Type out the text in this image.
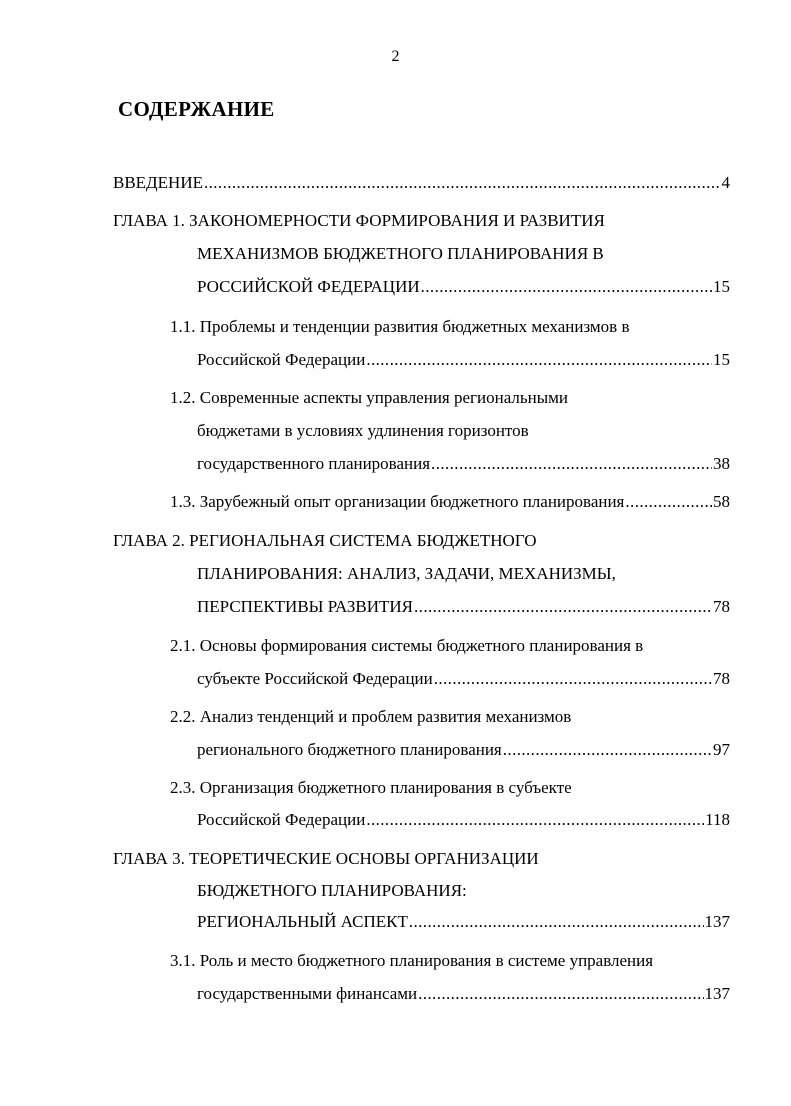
2
СОДЕРЖАНИЕ
ВВЕДЕНИЕ .....	4
ГЛАВА 1. ЗАКОНОМЕРНОСТИ ФОРМИРОВАНИЯ И РАЗВИТИЯ
МЕХАНИЗМОВ БЮДЖЕТНОГО ПЛАНИРОВАНИЯ В
РОССИЙСКОЙ ФЕДЕРАЦИИ .....	15
1.1. Проблемы и тенденции развития бюджетных механизмов в
Российской Федерации .....	15
1.2. Современные аспекты управления региональными
бюджетами в условиях удлинения горизонтов
государственного планирования .....	38
1.3. Зарубежный опыт организации бюджетного планирования .....	58
ГЛАВА 2. РЕГИОНАЛЬНАЯ СИСТЕМА БЮДЖЕТНОГО
ПЛАНИРОВАНИЯ: АНАЛИЗ, ЗАДАЧИ, МЕХАНИЗМЫ,
ПЕРСПЕКТИВЫ РАЗВИТИЯ .....	78
2.1. Основы формирования системы бюджетного планирования в
субъекте Российской Федерации .....	78
2.2. Анализ тенденций и проблем развития механизмов
регионального бюджетного планирования .....	97
2.3. Организация бюджетного планирования в субъекте
Российской Федерации .....	118
ГЛАВА 3. ТЕОРЕТИЧЕСКИЕ ОСНОВЫ ОРГАНИЗАЦИИ
БЮДЖЕТНОГО ПЛАНИРОВАНИЯ:
РЕГИОНАЛЬНЫЙ АСПЕКТ .....	137
3.1. Роль и место бюджетного планирования в системе управления
государственными финансами .....	137
